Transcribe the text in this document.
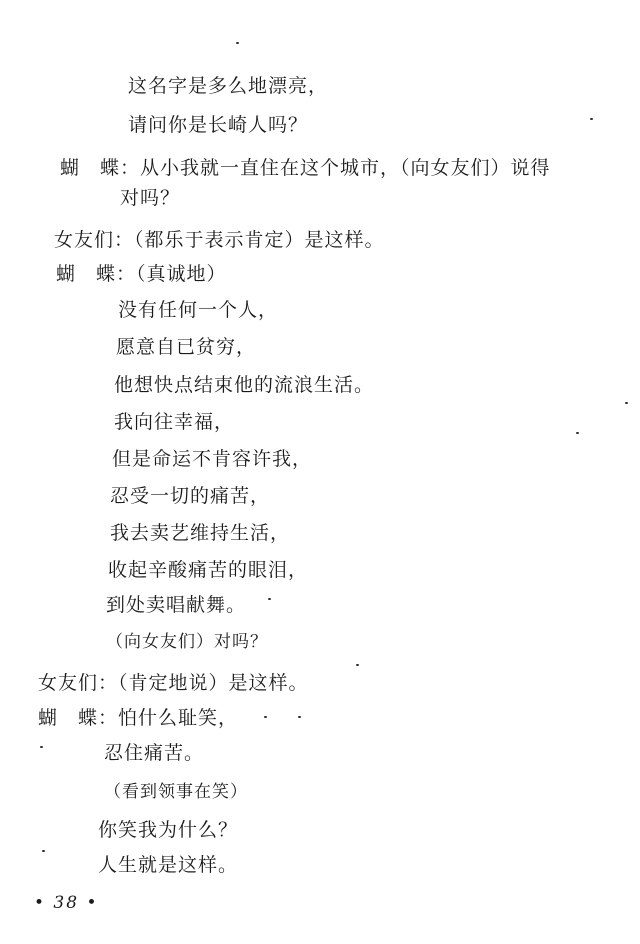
这名字是多么地漂亮，
请问你是长崎人吗？
蝴　蝶：从小我就一直住在这个城市，（向女友们）说得
对吗？
女友们：（都乐于表示肯定）是这样。
蝴　蝶：（真诚地）
没有任何一个人，
愿意自已贫穷，
他想快点结束他的流浪生活。
我向往幸福，
但是命运不肯容许我，
忍受一切的痛苦，
我去卖艺维持生活，
收起辛酸痛苦的眼泪，
到处卖唱献舞。
（向女友们）对吗？
女友们：（肯定地说）是这样。
蝴　蝶：怕什么耻笑，
忍住痛苦。
（看到领事在笑）
你笑我为什么？
人生就是这样。
• 38 •
